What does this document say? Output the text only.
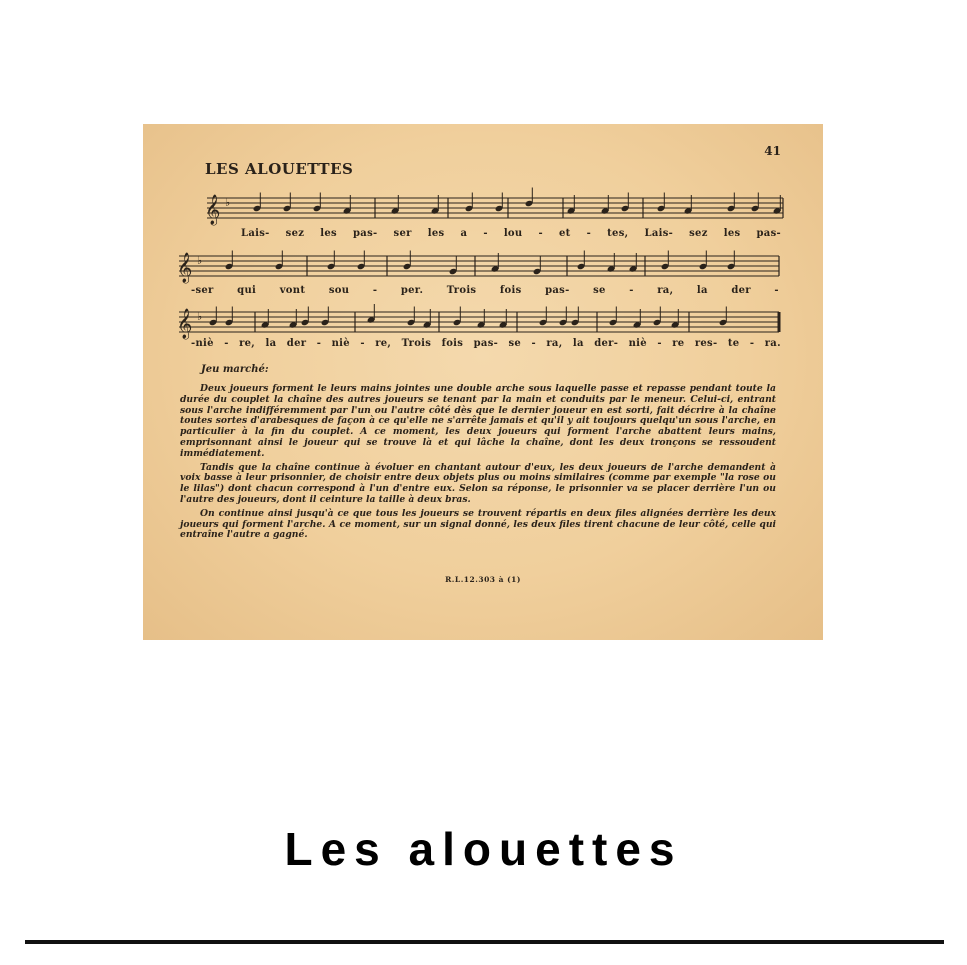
41
LES ALOUETTES
𝄞 ♭
𝄞 ♭
𝄞 ♭
Lais- sez les pas- ser les a - lou - et - tes, Lais- sez les pas-
-ser qui vont sou - per. Trois fois pas- se - ra, la der -
-niè - re, la der - niè - re, Trois fois pas- se - ra, la der- niè - re res- te - ra.
Jeu marché:

Deux joueurs forment le leurs mains jointes une double arche sous laquelle passe et repasse pendant toute la durée du couplet la chaîne des autres joueurs se tenant par la main et conduits par le meneur. Celui-ci, entrant sous l'arche indifféremment par l'un ou l'autre côté dès que le dernier joueur en est sorti, fait décrire à la chaîne toutes sortes d'arabesques de façon à ce qu'elle ne s'arrête jamais et qu'il y ait toujours quelqu'un sous l'arche, en particulier à la fin du couplet. A ce moment, les deux joueurs qui forment l'arche abattent leurs mains, emprisonnant ainsi le joueur qui se trouve là et qui lâche la chaîne, dont les deux tronçons se ressoudent immédiatement.

Tandis que la chaîne continue à évoluer en chantant autour d'eux, les deux joueurs de l'arche demandent à voix basse à leur prisonnier, de choisir entre deux objets plus ou moins similaires (comme par exemple "la rose ou le lilas") dont chacun correspond à l'un d'entre eux. Selon sa réponse, le prisonnier va se placer derrière l'un ou l'autre des joueurs, dont il ceinture la taille à deux bras.

On continue ainsi jusqu'à ce que tous les joueurs se trouvent répartis en deux files alignées derrière les deux joueurs qui forment l'arche. A ce moment, sur un signal donné, les deux files tirent chacune de leur côté, celle qui entraîne l'autre a gagné.

R.L.12.303 à (1)
Les alouettes
